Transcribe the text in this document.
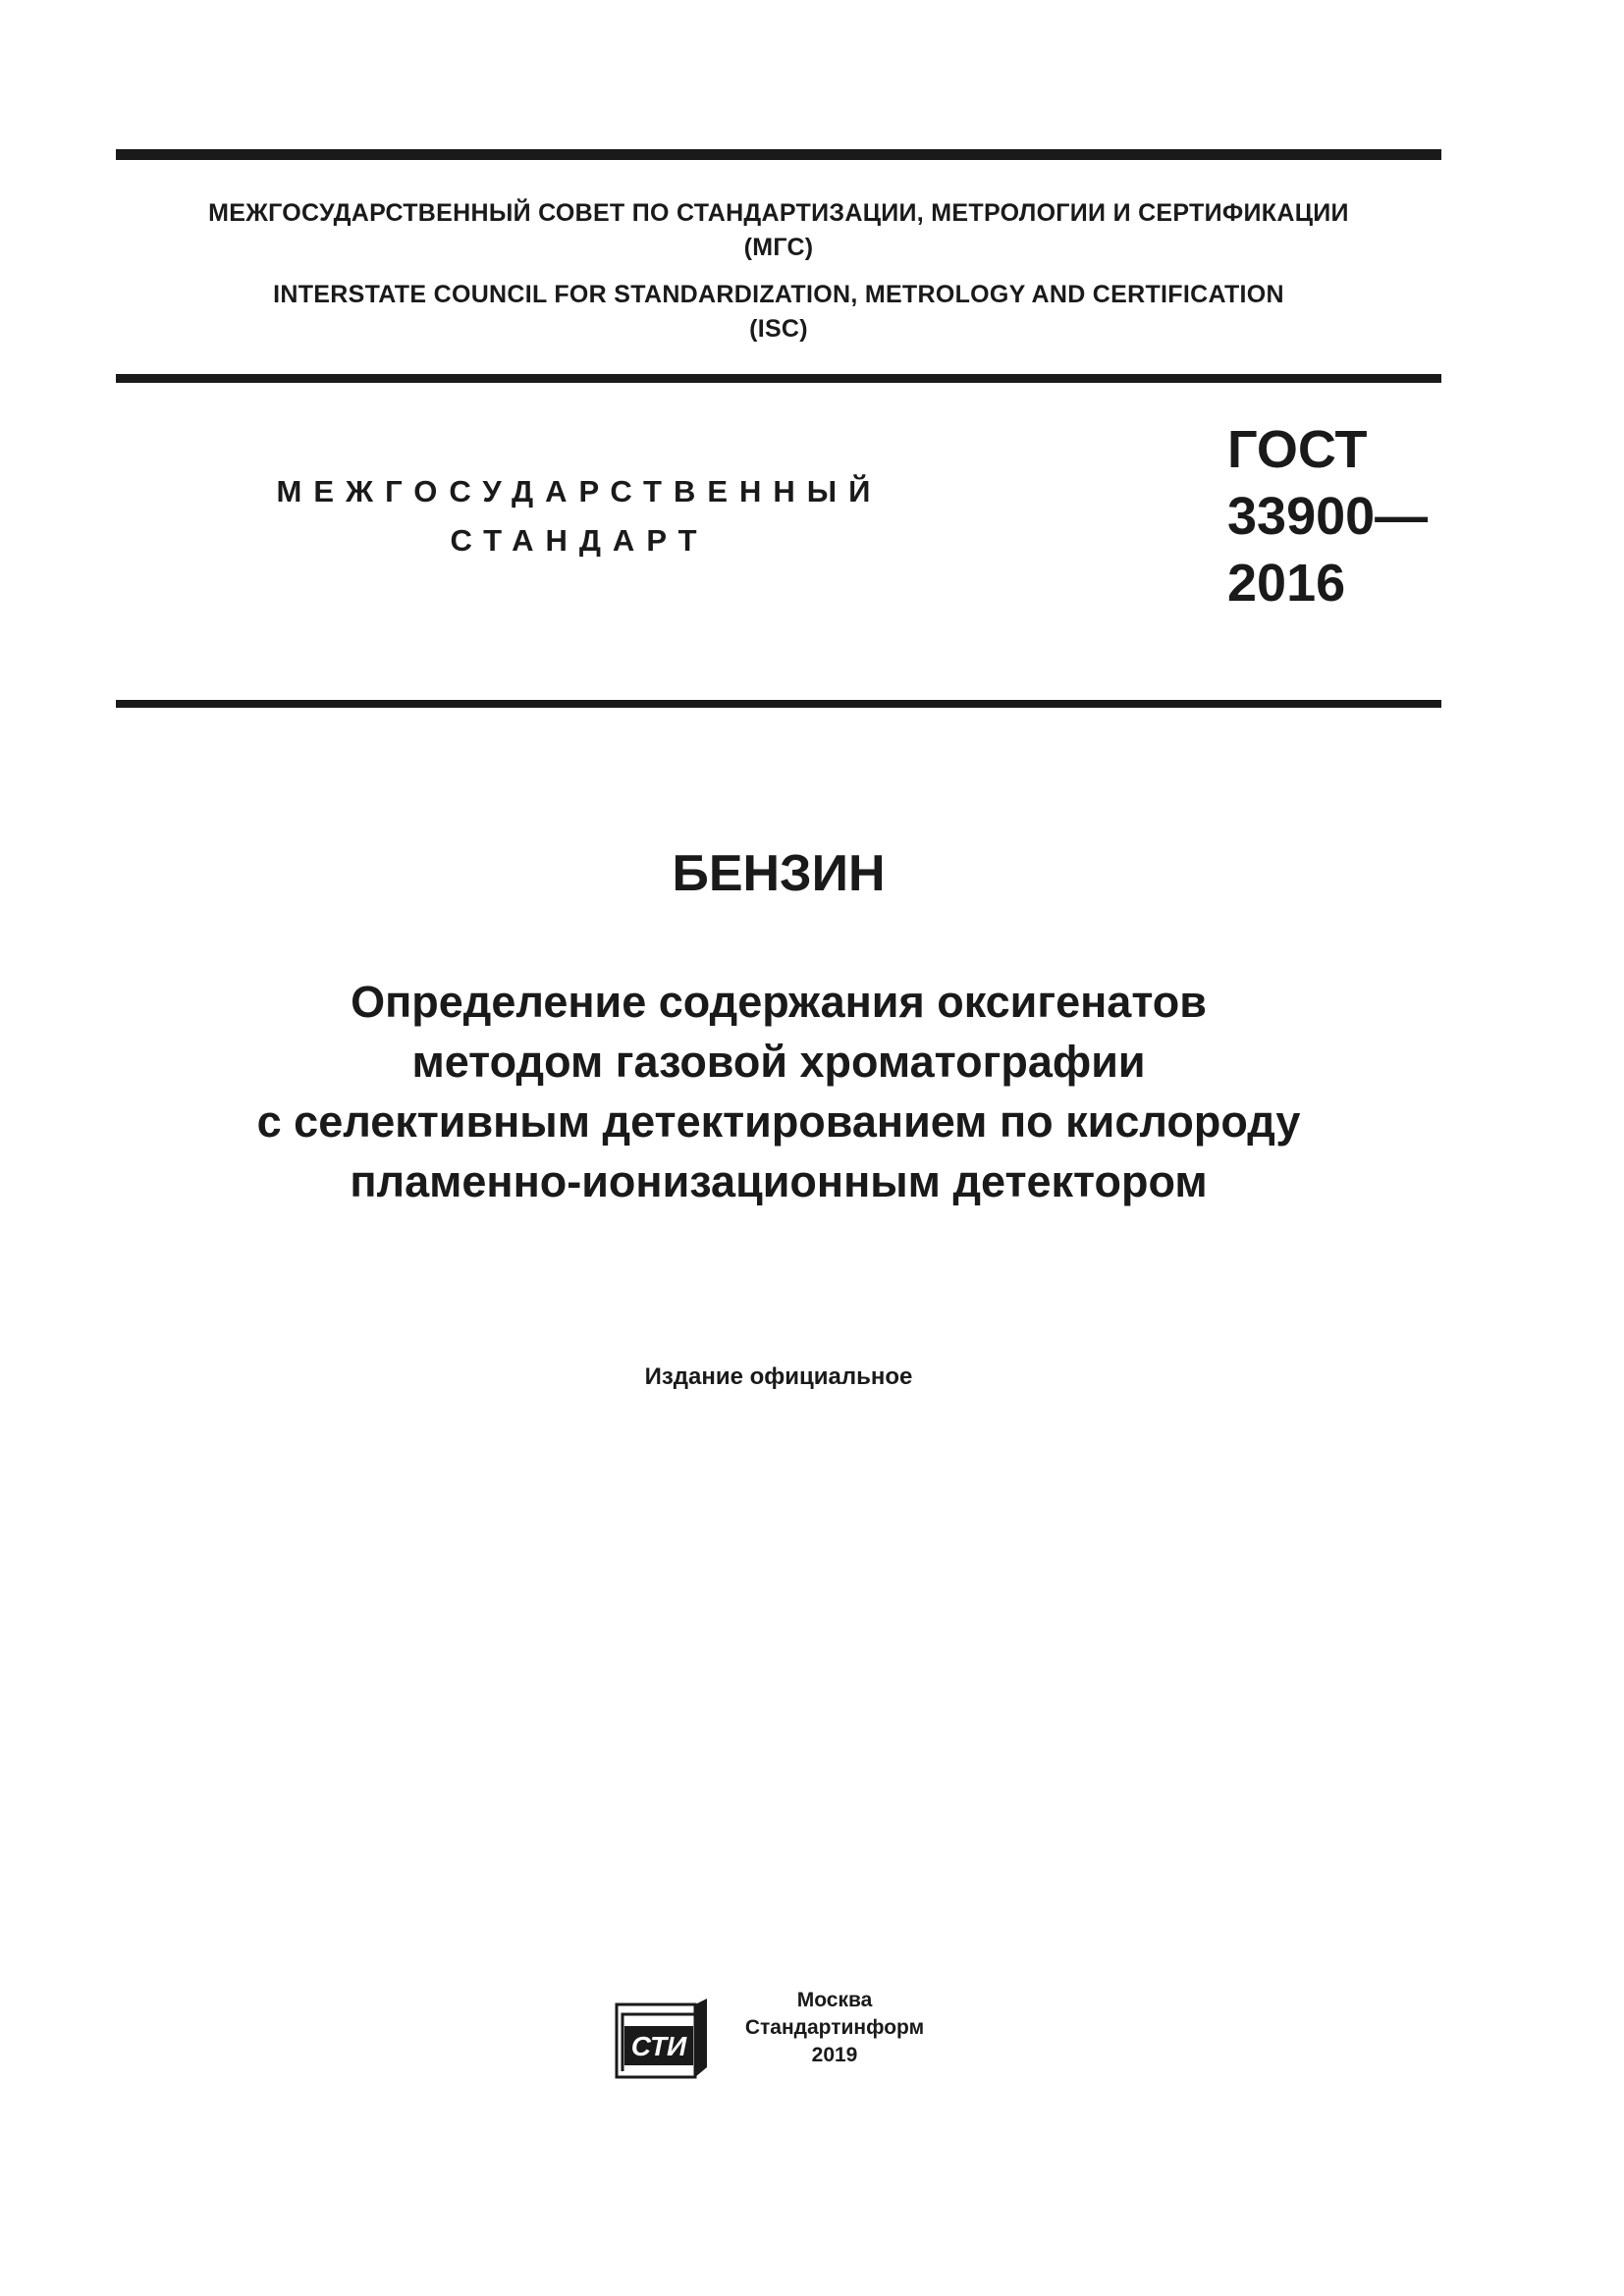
МЕЖГОСУДАРСТВЕННЫЙ СОВЕТ ПО СТАНДАРТИЗАЦИИ, МЕТРОЛОГИИ И СЕРТИФИКАЦИИ
(МГС)
INTERSTATE COUNCIL FOR STANDARDIZATION, METROLOGY AND CERTIFICATION
(ISC)
МЕЖГОСУДАРСТВЕННЫЙ
СТАНДАРТ
ГОСТ
33900—
2016
БЕНЗИН
Определение содержания оксигенатов
методом газовой хроматографии
с селективным детектированием по кислороду
пламенно-ионизационным детектором
Издание официальное
СТИ
Москва
Стандартинформ
2019
